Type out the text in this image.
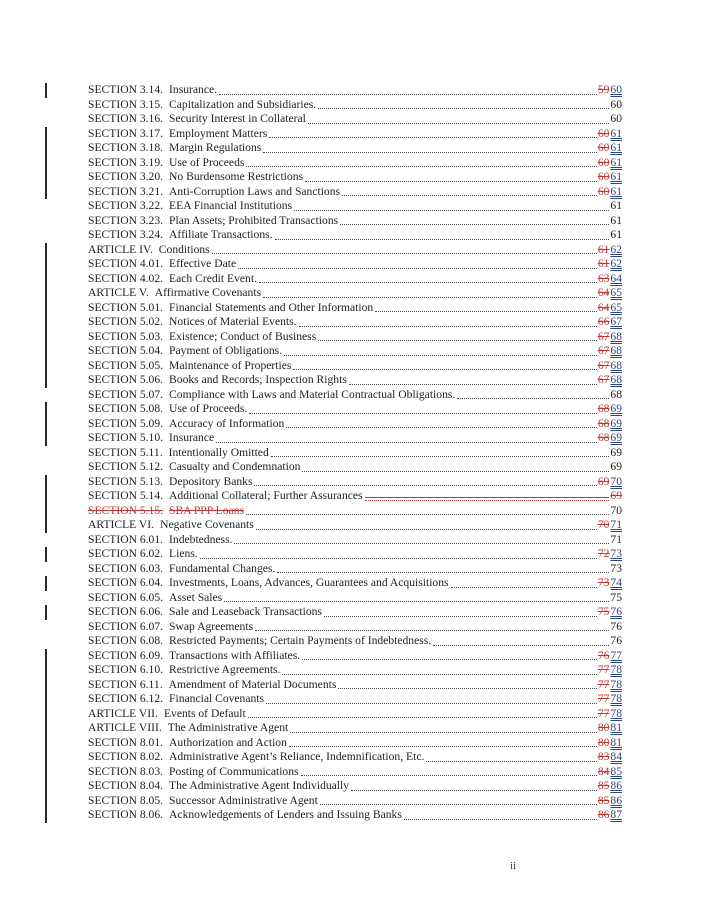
SECTION 3.14. Insurance.	5960
SECTION 3.15. Capitalization and Subsidiaries.	60
SECTION 3.16. Security Interest in Collateral	60
SECTION 3.17. Employment Matters	6061
SECTION 3.18. Margin Regulations	6061
SECTION 3.19. Use of Proceeds	6061
SECTION 3.20. No Burdensome Restrictions	6061
SECTION 3.21. Anti-Corruption Laws and Sanctions	6061
SECTION 3.22. EEA Financial Institutions	61
SECTION 3.23. Plan Assets; Prohibited Transactions	61
SECTION 3.24. Affiliate Transactions.	61
ARTICLE IV. Conditions	6162
SECTION 4.01. Effective Date	6162
SECTION 4.02. Each Credit Event.	6364
ARTICLE V. Affirmative Covenants	6465
SECTION 5.01. Financial Statements and Other Information	6465
SECTION 5.02. Notices of Material Events.	6667
SECTION 5.03. Existence; Conduct of Business	6768
SECTION 5.04. Payment of Obligations.	6768
SECTION 5.05. Maintenance of Properties	6768
SECTION 5.06. Books and Records; Inspection Rights	6768
SECTION 5.07. Compliance with Laws and Material Contractual Obligations.	68
SECTION 5.08. Use of Proceeds.	6869
SECTION 5.09. Accuracy of Information	6869
SECTION 5.10. Insurance	6869
SECTION 5.11. Intentionally Omitted	69
SECTION 5.12. Casualty and Condemnation	69
SECTION 5.13. Depository Banks	6970
SECTION 5.14. Additional Collateral; Further Assurances	69
SECTION 5.15. SBA PPP Loans	70
ARTICLE VI. Negative Covenants	7071
SECTION 6.01. Indebtedness.	71
SECTION 6.02. Liens.	7273
SECTION 6.03. Fundamental Changes.	73
SECTION 6.04. Investments, Loans, Advances, Guarantees and Acquisitions	7374
SECTION 6.05. Asset Sales	75
SECTION 6.06. Sale and Leaseback Transactions	7576
SECTION 6.07. Swap Agreements	76
SECTION 6.08. Restricted Payments; Certain Payments of Indebtedness.	76
SECTION 6.09. Transactions with Affiliates.	7677
SECTION 6.10. Restrictive Agreements.	7778
SECTION 6.11. Amendment of Material Documents	7778
SECTION 6.12. Financial Covenants	7778
ARTICLE VII. Events of Default	7778
ARTICLE VIII. The Administrative Agent	8081
SECTION 8.01. Authorization and Action	8081
SECTION 8.02. Administrative Agent’s Reliance, Indemnification, Etc.	8384
SECTION 8.03. Posting of Communications	8485
SECTION 8.04. The Administrative Agent Individually	8586
SECTION 8.05. Successor Administrative Agent	8586
SECTION 8.06. Acknowledgements of Lenders and Issuing Banks	8687
ii
